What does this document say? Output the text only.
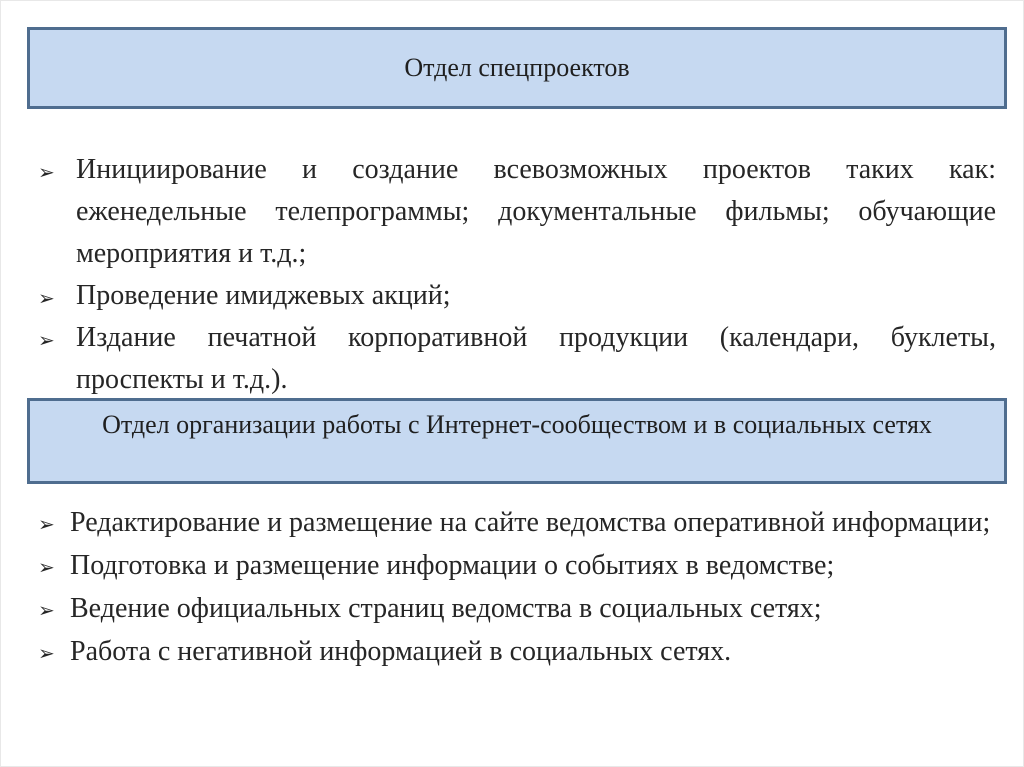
Отдел спецпроектов
➢ Инициирование и создание всевозможных проектов таких как: еженедельные телепрограммы; документальные фильмы; обучающие мероприятия и т.д.;
➢ Проведение имиджевых акций;
➢ Издание печатной корпоративной продукции (календари, буклеты, проспекты и т.д.).
Отдел организации работы с Интернет-сообществом и в социальных сетях
➢ Редактирование и размещение на сайте ведомства оперативной информации;
➢ Подготовка и размещение информации о событиях в ведомстве;
➢ Ведение официальных страниц ведомства в социальных сетях;
➢ Работа с негативной информацией в социальных сетях.
